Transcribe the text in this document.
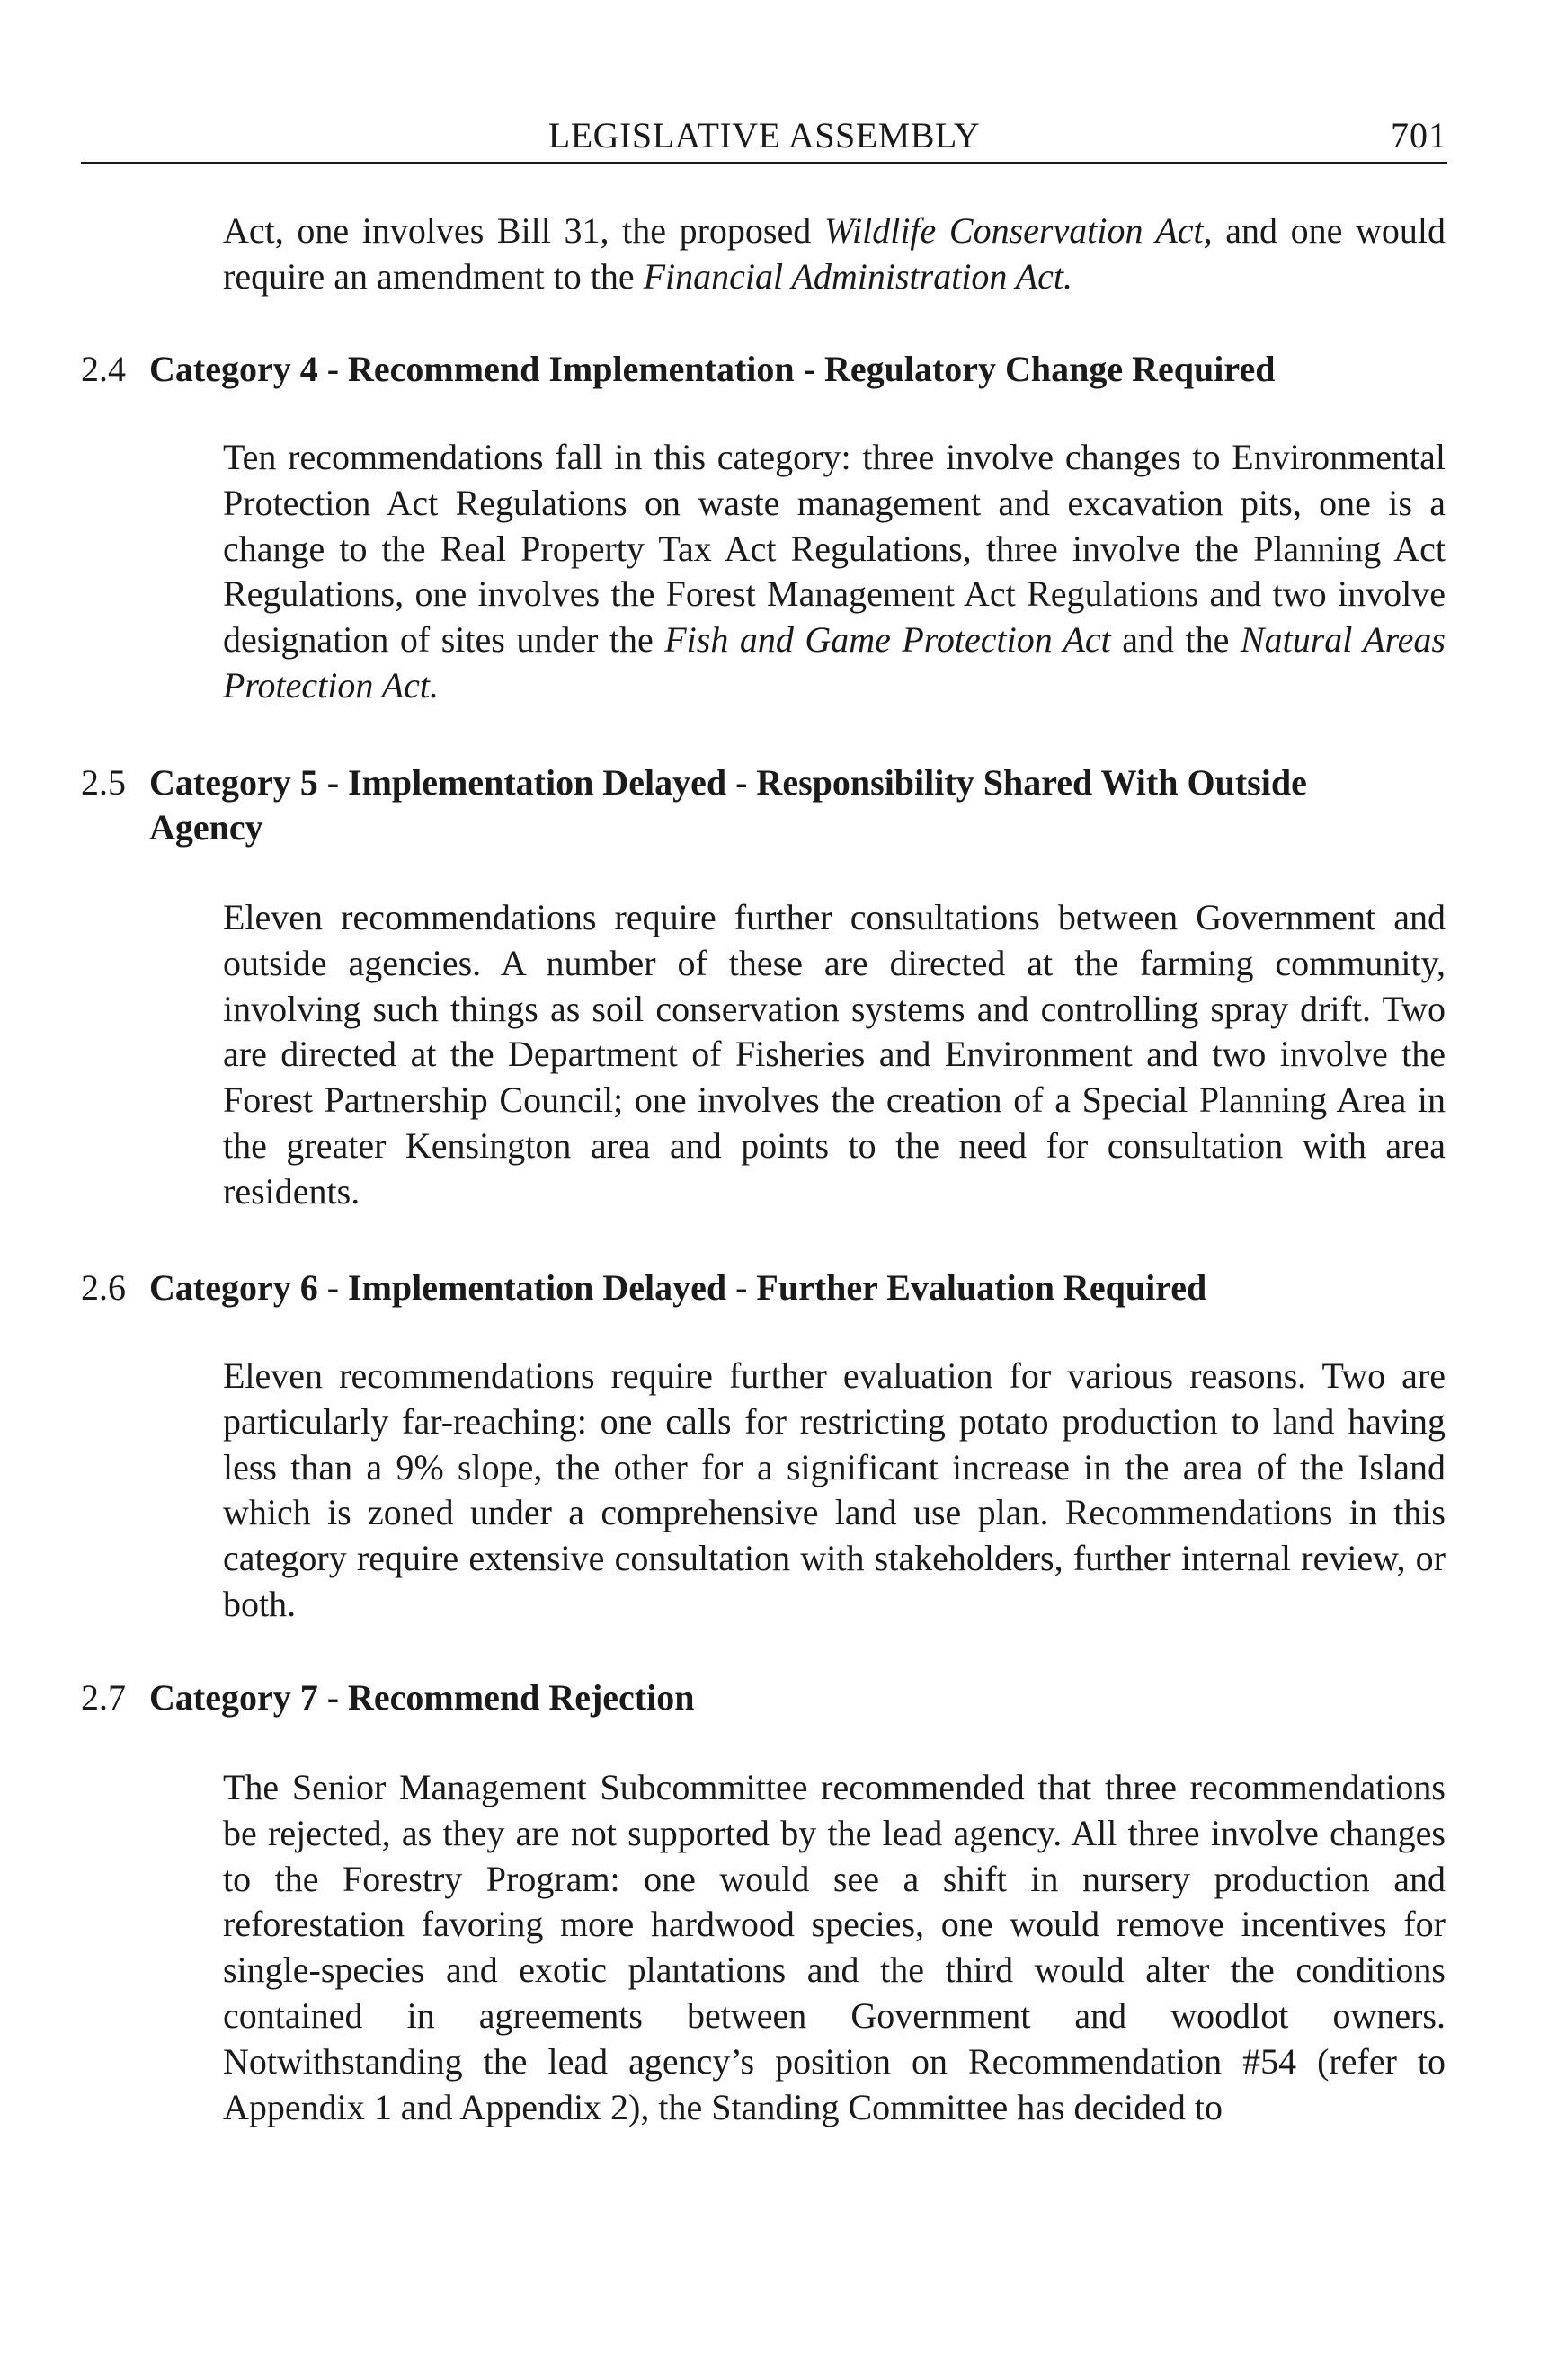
LEGISLATIVE ASSEMBLY	701

Act, one involves Bill 31, the proposed Wildlife Conservation Act, and one would require an amendment to the Financial Administration Act.

2.4 Category 4 - Recommend Implementation - Regulatory Change Required

Ten recommendations fall in this category: three involve changes to Environmental Protection Act Regulations on waste management and excavation pits, one is a change to the Real Property Tax Act Regulations, three involve the Planning Act Regulations, one involves the Forest Management Act Regulations and two involve designation of sites under the Fish and Game Protection Act and the Natural Areas Protection Act.

2.5 Category 5 - Implementation Delayed - Responsibility Shared With Outside
Agency

Eleven recommendations require further consultations between Government and outside agencies. A number of these are directed at the farming community, involving such things as soil conservation systems and controlling spray drift. Two are directed at the Department of Fisheries and Environment and two involve the Forest Partnership Council; one involves the creation of a Special Planning Area in the greater Kensington area and points to the need for consultation with area residents.

2.6 Category 6 - Implementation Delayed - Further Evaluation Required

Eleven recommendations require further evaluation for various reasons. Two are particularly far-reaching: one calls for restricting potato production to land having less than a 9% slope, the other for a significant increase in the area of the Island which is zoned under a comprehensive land use plan. Recommendations in this category require extensive consultation with stakeholders, further internal review, or both.

2.7 Category 7 - Recommend Rejection

The Senior Management Subcommittee recommended that three recommendations be rejected, as they are not supported by the lead agency. All three involve changes to the Forestry Program: one would see a shift in nursery production and reforestation favoring more hardwood species, one would remove incentives for single-species and exotic plantations and the third would alter the conditions contained in agreements between Government and woodlot owners. Notwithstanding the lead agency’s position on Recommendation #54 (refer to Appendix 1 and Appendix 2), the Standing Committee has decided to
